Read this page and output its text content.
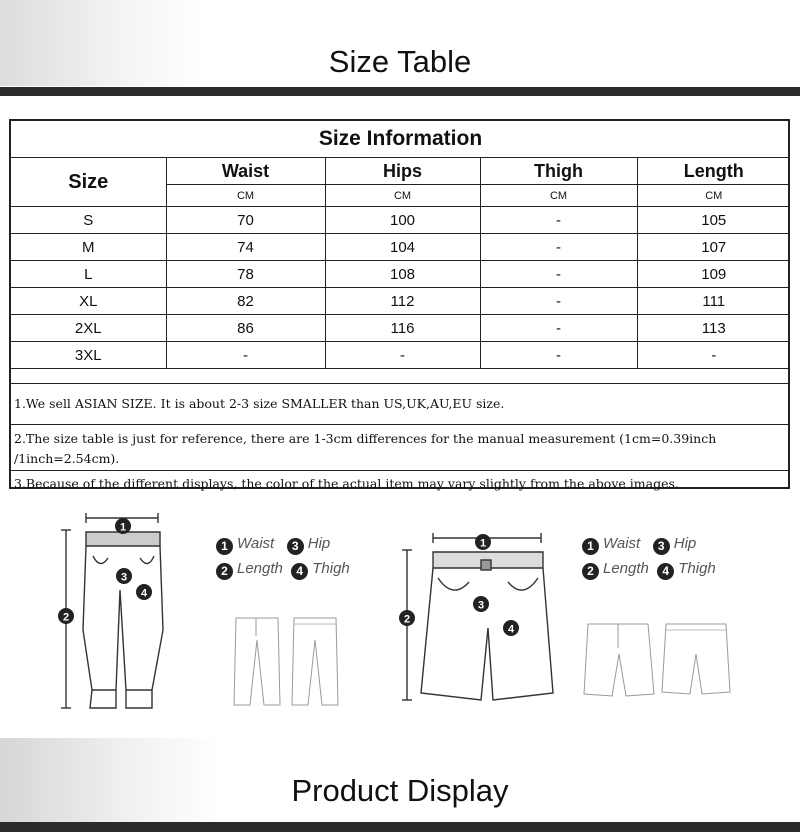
Size Table
Size Information				
Size	Waist	Hips	Thigh	Length
	CM	CM	CM	CM
S	70	100	-	105
M	74	104	-	107
L	78	108	-	109
XL	82	112	-	111
2XL	86	116	-	113
3XL	-	-	-	-
1.We sell ASIAN SIZE. It is about 2-3 size SMALLER than US,UK,AU,EU size.
2.The size table is just for reference, there are 1-3cm differences for the manual measurement (1cm=0.39inch /1inch=2.54cm).
3.Because of the different displays, the color of the actual item may vary slightly from the above images.
1
2
3
4
1 Waist 3 Hip
2 Length 4 Thigh
1
2
3
4
1 Waist 3 Hip
2 Length 4 Thigh
Product Display
